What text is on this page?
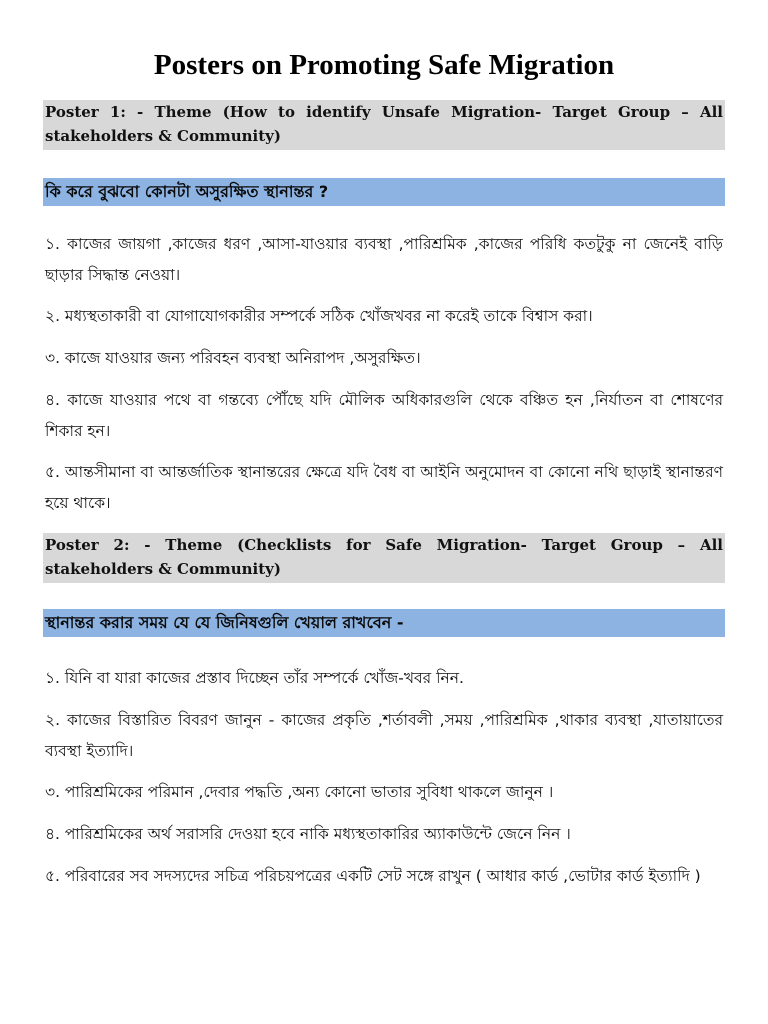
Posters on Promoting Safe Migration
Poster 1: - Theme (How to identify Unsafe Migration- Target Group – All stakeholders & Community)
কি করে বুঝবো কোনটা অসুরক্ষিত স্থানান্তর ?
১. কাজের জায়গা ,কাজের ধরণ ,আসা-যাওয়ার ব্যবস্থা ,পারিশ্রমিক ,কাজের পরিধি কতটুকু না জেনেই বাড়ি ছাড়ার সিদ্ধান্ত নেওয়া।
২. মধ্যস্থতাকারী বা যোগাযোগকারীর সম্পর্কে সঠিক খোঁজখবর না করেই তাকে বিশ্বাস করা।
৩. কাজে যাওয়ার জন্য পরিবহন ব্যবস্থা অনিরাপদ ,অসুরক্ষিত।
৪. কাজে যাওয়ার পথে বা গন্তব্যে পৌঁছে যদি মৌলিক অধিকারগুলি থেকে বঞ্চিত হন ,নির্যাতন বা শোষণের শিকার হন।
৫. আন্তসীমানা বা আন্তর্জাতিক স্থানান্তরের ক্ষেত্রে যদি বৈধ বা আইনি অনুমোদন বা কোনো নথি ছাড়াই স্থানান্তরণ হয়ে থাকে।
Poster 2: - Theme (Checklists for Safe Migration- Target Group – All stakeholders & Community)
স্থানান্তর করার সময় যে যে জিনিষগুলি খেয়াল রাখবেন -
১. যিনি বা যারা কাজের প্রস্তাব দিচ্ছেন তাঁর সম্পর্কে খোঁজ-খবর নিন.
২. কাজের বিস্তারিত বিবরণ জানুন - কাজের প্রকৃতি ,শর্তাবলী ,সময় ,পারিশ্রমিক ,থাকার ব্যবস্থা ,যাতায়াতের ব্যবস্থা ইত্যাদি।
৩. পারিশ্রমিকের পরিমান ,দেবার পদ্ধতি ,অন্য কোনো ভাতার সুবিধা থাকলে জানুন ।
৪. পারিশ্রমিকের অর্থ সরাসরি দেওয়া হবে নাকি মধ্যস্থতাকারির অ্যাকাউন্টে জেনে নিন ।
৫. পরিবারের সব সদস্যদের সচিত্র পরিচয়পত্রের একটি সেট সঙ্গে রাখুন ( আধার কার্ড ,ভোটার কার্ড ইত্যাদি )
